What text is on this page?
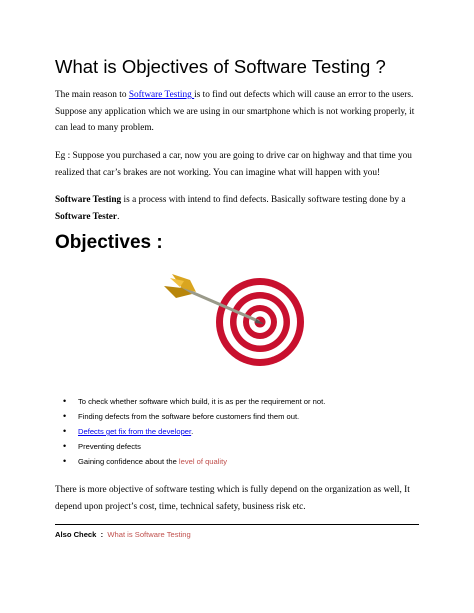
What is Objectives of Software Testing ?

The main reason to Software Testing is to find out defects which will cause an error to the users. Suppose any application which we are using in our smartphone which is not working properly, it can lead to many problem.

Eg : Suppose you purchased a car, now you are going to drive car on highway and that time you realized that car’s brakes are not working. You can imagine what will happen with you!

Software Testing is a process with intend to find defects. Basically software testing done by a Software Tester.

Objectives :
• To check whether software which build, it is as per the requirement or not.
• Finding defects from the software before customers find them out.
• Defects get fix from the developer.
• Preventing defects
• Gaining confidence about the level of quality

There is more objective of software testing which is fully depend on the organization as well, It depend upon project’s cost, time, technical safety, business risk etc.

Also Check  :  What is Software Testing
